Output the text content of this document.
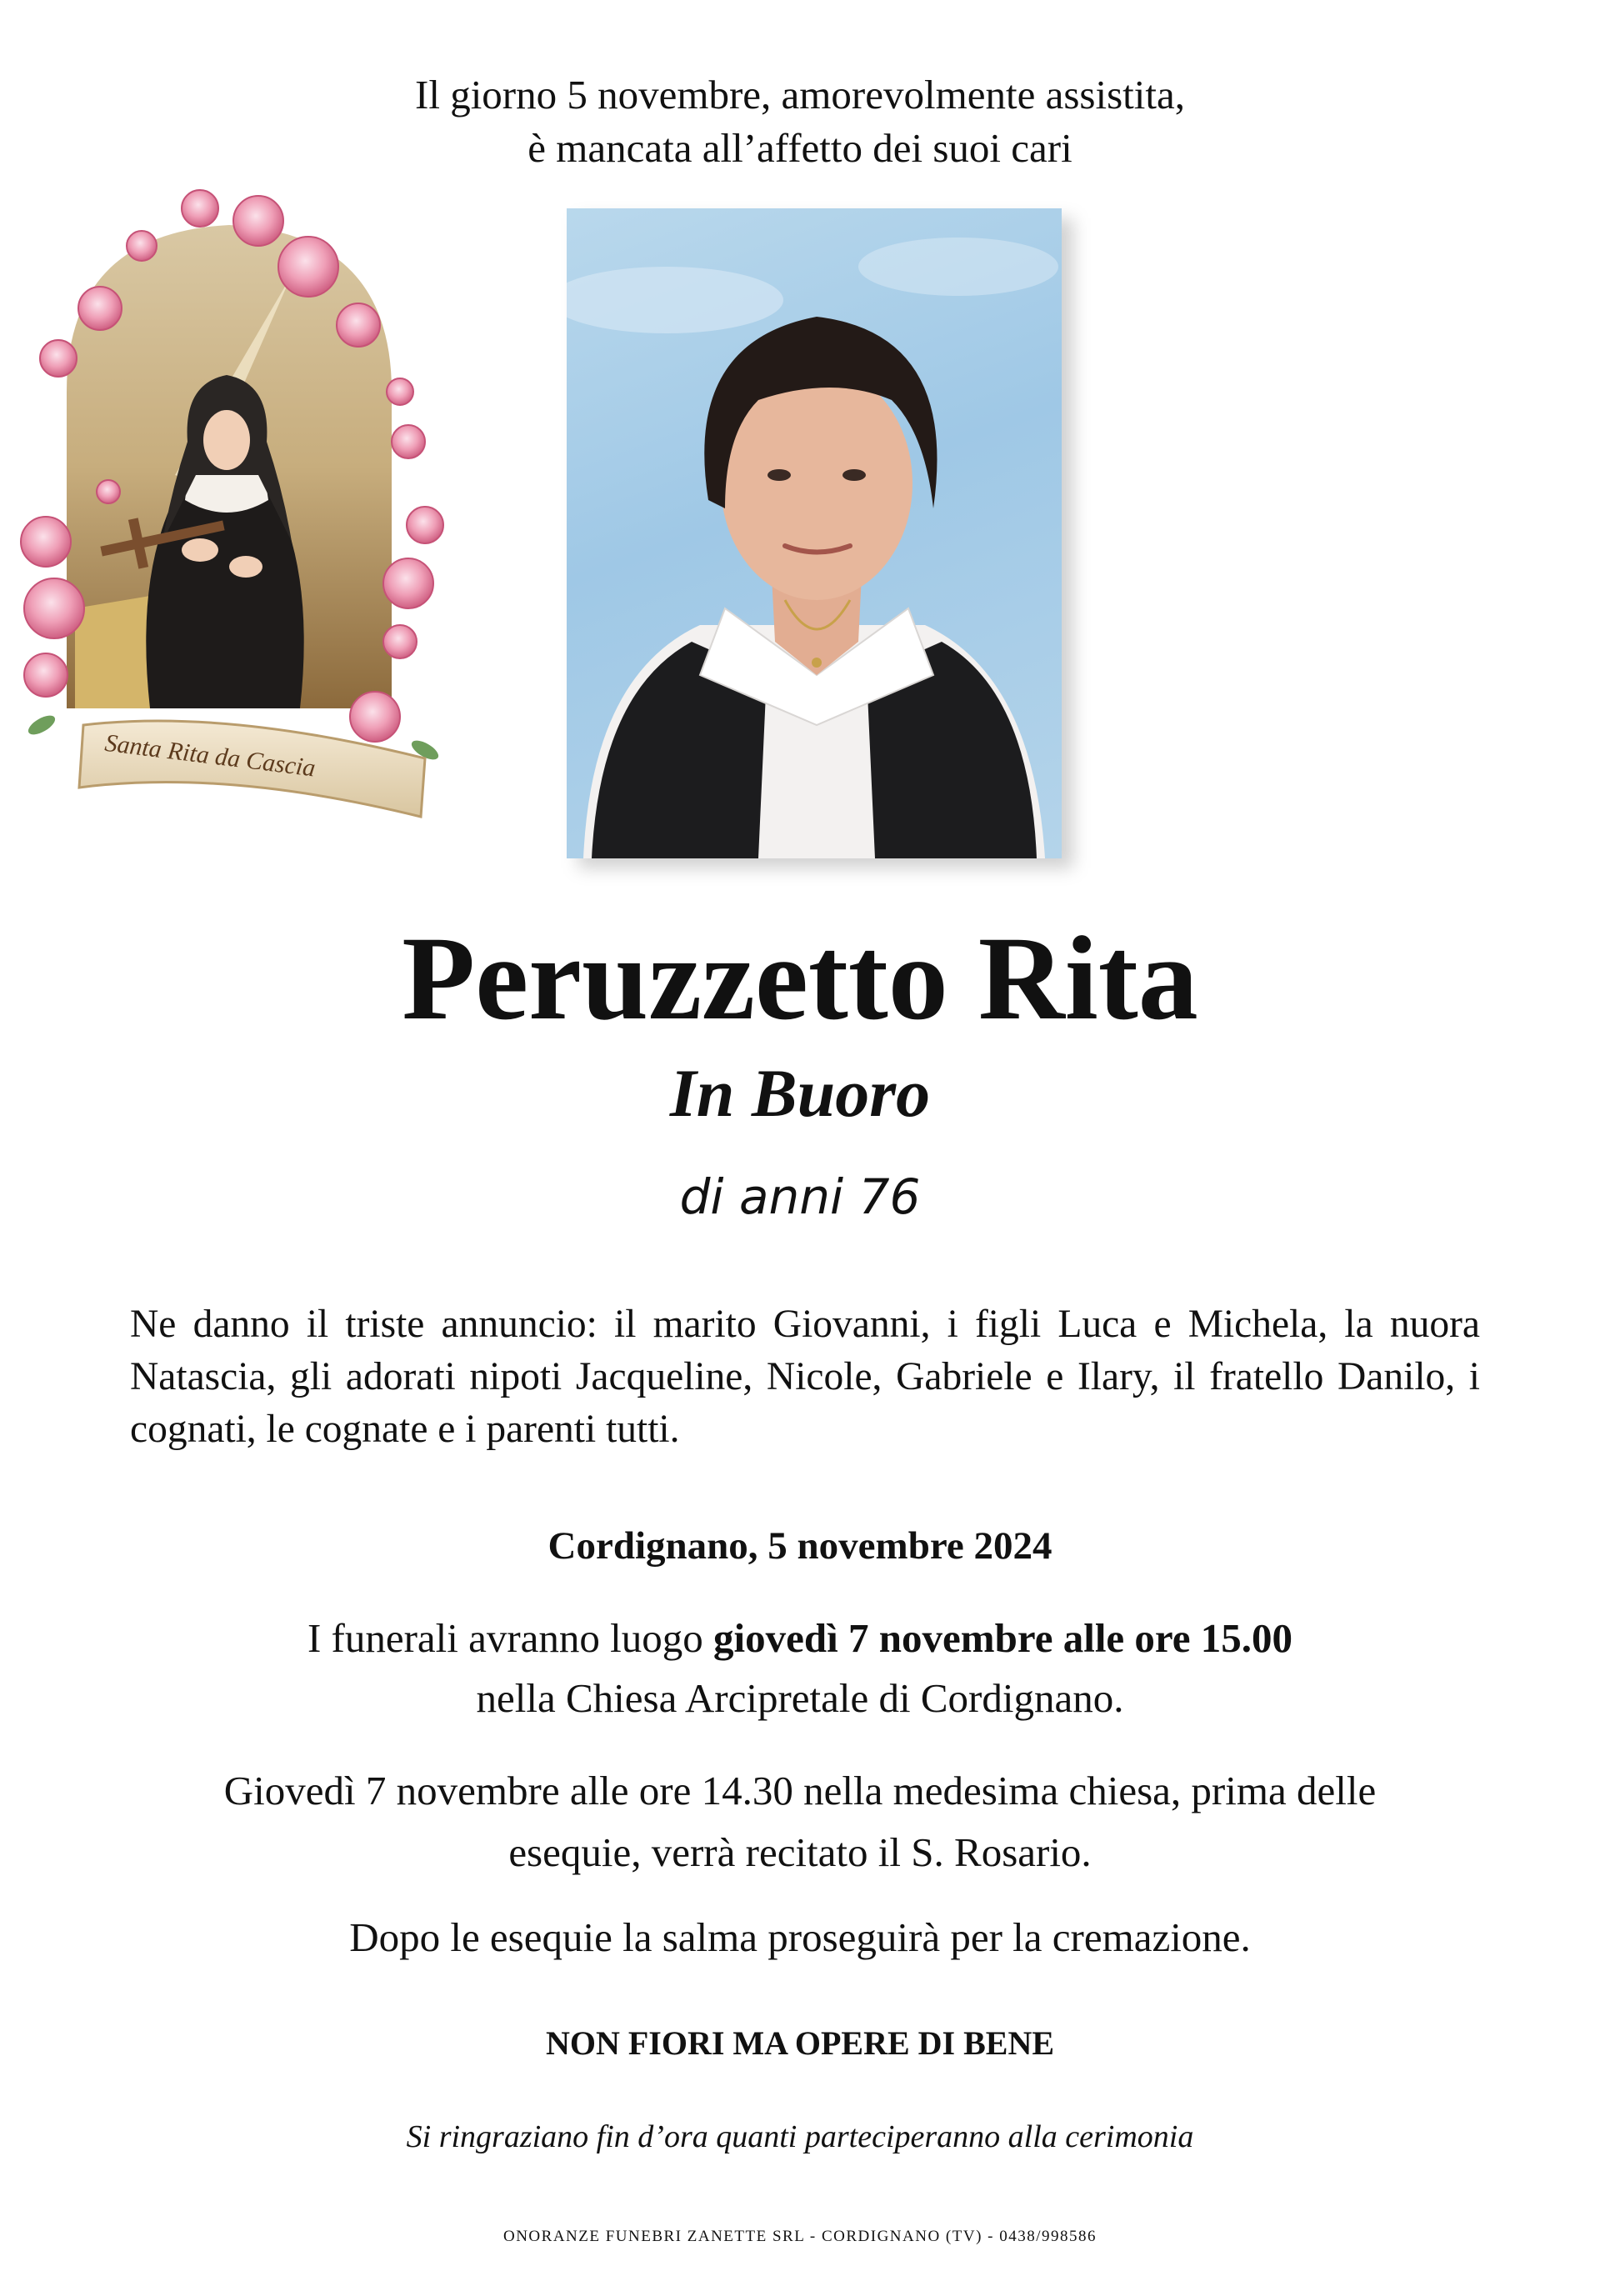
Il giorno 5 novembre, amorevolmente assistita,
è mancata all’affetto dei suoi cari
Santa Rita da Cascia
Peruzzetto Rita
In Buoro
di anni 76
Ne danno il triste annuncio: il marito Giovanni, i figli Luca e Michela, la nuora Natascia, gli adorati nipoti Jacqueline, Nicole, Gabriele e Ilary, il fratello Danilo, i cognati, le cognate e i parenti tutti.
Cordignano, 5 novembre 2024
I funerali avranno luogo giovedì 7 novembre alle ore 15.00
nella Chiesa Arcipretale di Cordignano.
Giovedì 7 novembre alle ore 14.30 nella medesima chiesa, prima delle
esequie, verrà recitato il S. Rosario.
Dopo le esequie la salma proseguirà per la cremazione.
NON FIORI MA OPERE DI BENE
Si ringraziano fin d’ora quanti parteciperanno alla cerimonia
ONORANZE FUNEBRI ZANETTE SRL - CORDIGNANO (TV) - 0438/998586
